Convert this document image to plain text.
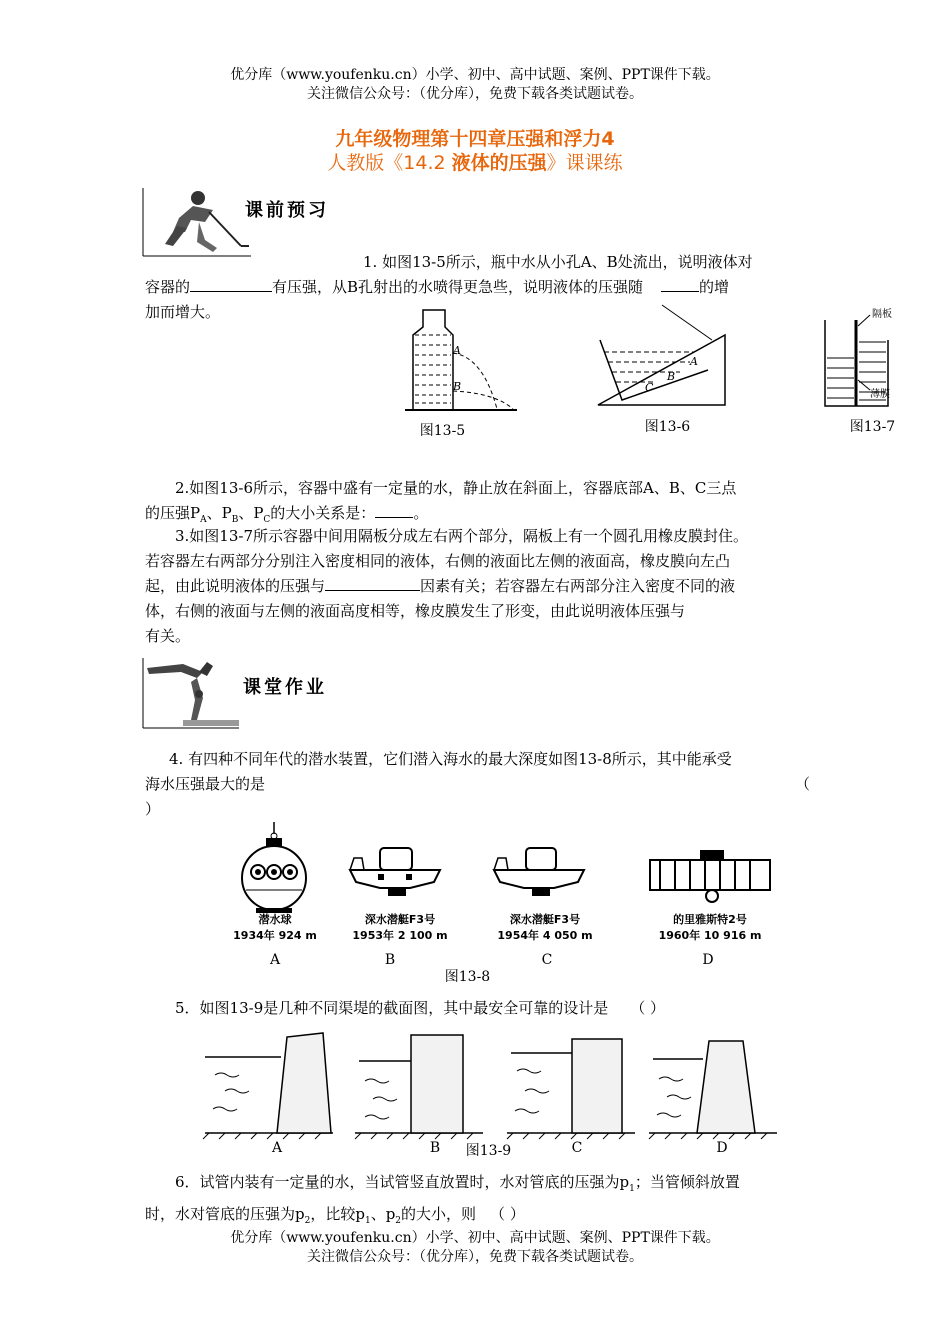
优分库（www.youfenku.cn）小学、初中、高中试题、案例、PPT课件下载。
关注微信公众号：（优分库），免费下载各类试题试卷。
九年级物理第十四章压强和浮力4
人教版《14.2 液体的压强》课课练
课前预习
1. 如图13-5所示，瓶中水从小孔A、B处流出，说明液体对
容器的	有压强，从B孔射出的水喷得更急些，说明液体的压强随	的增
加而增大。
A
B
图13-5
A
B
C
图13-6
隔板
薄膜
图13-7
2.如图13-6所示，容器中盛有一定量的水，静止放在斜面上，容器底部A、B、C三点
的压强$P_A$、$P_B$、$P_C$的大小关系是：	。
3.如图13-7所示容器中间用隔板分成左右两个部分，隔板上有一个圆孔用橡皮膜封住。
若容器左右两部分分别注入密度相同的液体，右侧的液面比左侧的液面高，橡皮膜向左凸
起，由此说明液体的压强与	因素有关；若容器左右两部分注入密度不同的液
体，右侧的液面与左侧的液面高度相等，橡皮膜发生了形变，由此说明液体压强与
有关。
课堂作业
4. 有四种不同年代的潜水装置，它们潜入海水的最大深度如图13-8所示，其中能承受
海水压强最大的是	（
）
潜水球
1934年 924 m
深水潜艇F3号
1953年 2 100 m
深水潜艇F3号
1954年 4 050 m
的里雅斯特2号
1960年 10 916 m
A	B	C	D
图13-8
5．如图13-9是几种不同渠堤的截面图，其中最安全可靠的设计是 （ ）
A	B	图13-9	C	D
6．试管内装有一定量的水，当试管竖直放置时，水对管底的压强为$p_1$；当管倾斜放置
时，水对管底的压强为$p_2$，比较$p_1$、$p_2$的大小，则 （ ）
优分库（www.youfenku.cn）小学、初中、高中试题、案例、PPT课件下载。
关注微信公众号：（优分库），免费下载各类试题试卷。
